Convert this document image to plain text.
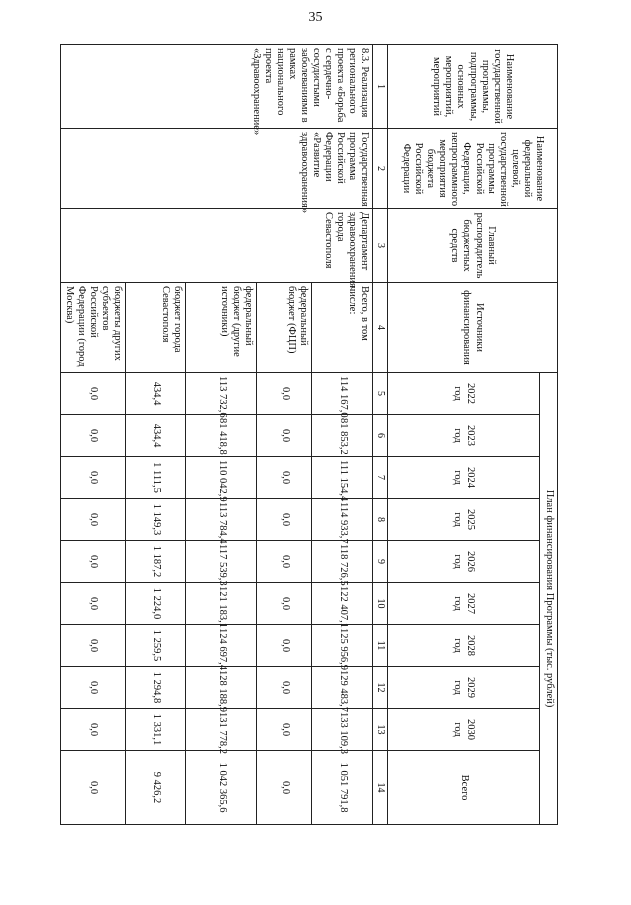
35
Наименование государственной программы, подпрограммы, основных мероприятий, мероприятий	Наименование федеральной целевой, государственной программы Российской Федерации, непрограммного мероприятия бюджета Российской Федерации	Главный распорядитель бюджетных средств	Источники финансирования	План финансирования Программы (тыс. рублей)									
				2022 год	2023 год	2024 год	2025 год	2026 год	2027 год	2028 год	2029 год	2030 год	Всего
1	2	3	4	5	6	7	8	9	10	11	12	13	14
8.3. Реализация регионального проекта «Борьба с сердечно-сосудистыми заболеваниями в рамках национального проекта «Здравоохранение»	Государственная программа Российской Федерации «Развитие здравоохранения»	Департамент здравоохранения города Севастополя	Всего, в том числе:	114 167,0	81 853,2	111 154,4	114 933,7	118 726,5	122 407,1	125 956,9	129 483,7	133 109,3	1 051 791,8
			федеральный бюджет (ФЦП)	0,0	0,0	0,0	0,0	0,0	0,0	0,0	0,0	0,0	0,0
			федеральный бюджет (другие источники)	113 732,6	81 418,8	110 042,9	113 784,4	117 539,3	121 183,1	124 697,4	128 188,9	131 778,2	1 042 365,6
			бюджет города Севастополя	434,4	434,4	1 111,5	1 149,3	1 187,2	1 224,0	1 259,5	1 294,8	1 331,1	9 426,2
			бюджеты других субъектов Российской Федерации (город Москва)	0,0	0,0	0,0	0,0	0,0	0,0	0,0	0,0	0,0	0,0
